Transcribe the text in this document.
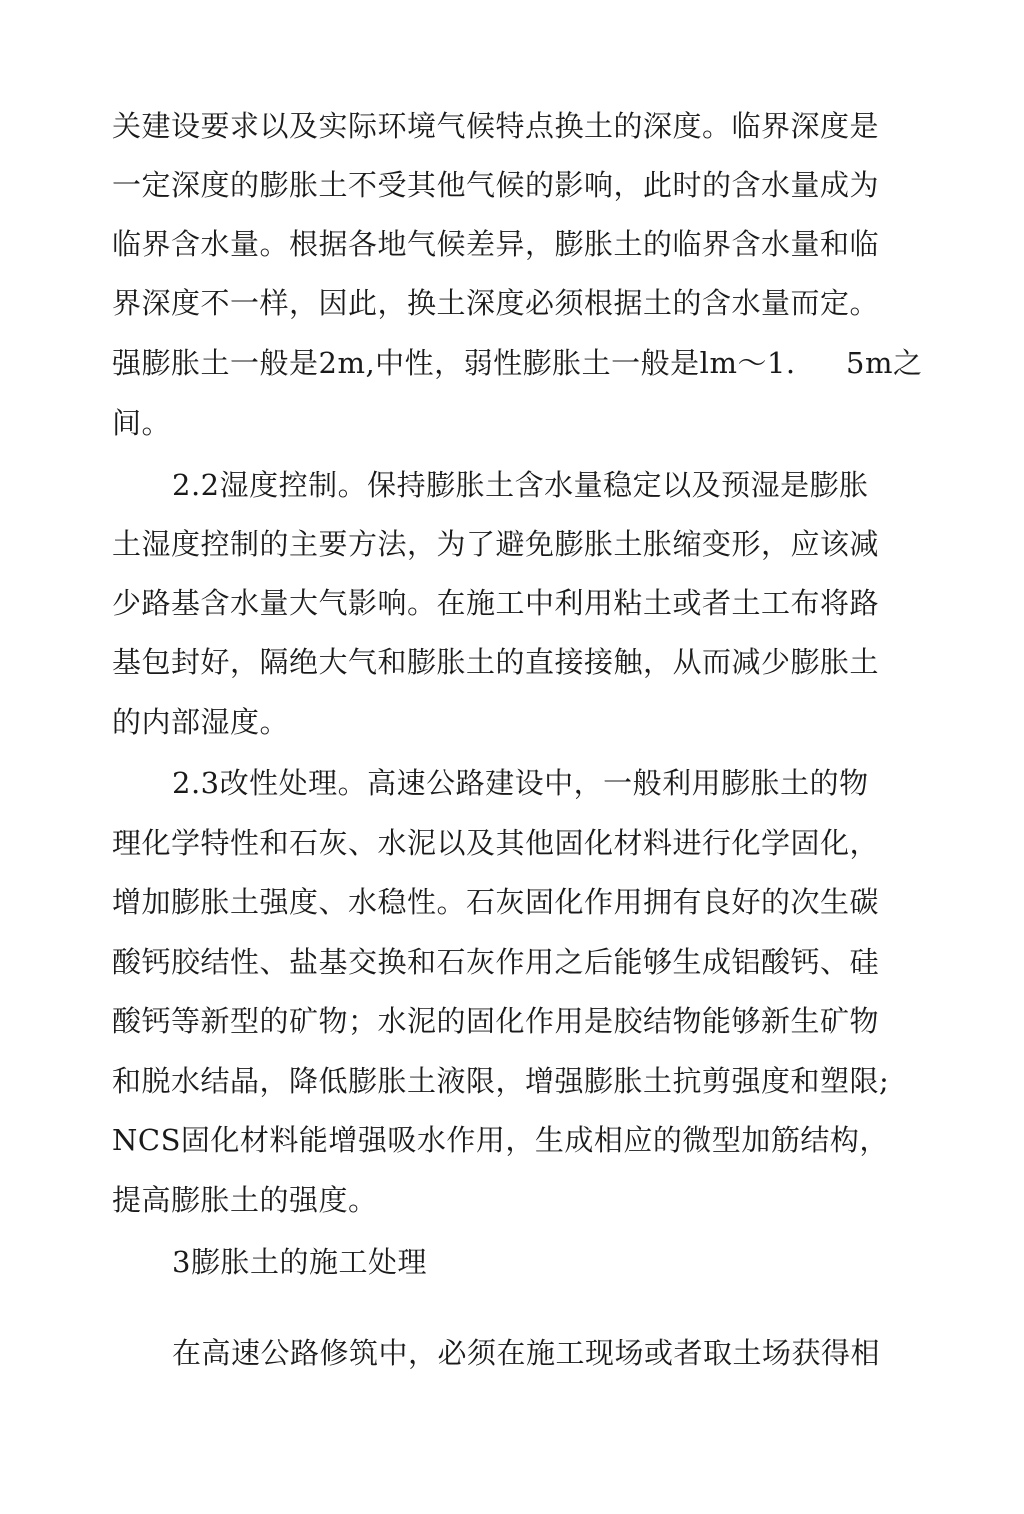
关建设要求以及实际环境气候特点换土的深度。临界深度是
一定深度的膨胀土不受其他气候的影响，此时的含水量成为
临界含水量。根据各地气候差异，膨胀土的临界含水量和临
界深度不一样，因此，换土深度必须根据土的含水量而定。
强膨胀土一般是2m,中性，弱性膨胀土一般是lm～1. 5m之
间。
2.2湿度控制。保持膨胀土含水量稳定以及预湿是膨胀
土湿度控制的主要方法，为了避免膨胀土胀缩变形，应该减
少路基含水量大气影响。在施工中利用粘土或者土工布将路
基包封好，隔绝大气和膨胀土的直接接触，从而减少膨胀土
的内部湿度。
2.3改性处理。高速公路建设中，一般利用膨胀土的物
理化学特性和石灰、水泥以及其他固化材料进行化学固化，
增加膨胀土强度、水稳性。石灰固化作用拥有良好的次生碳
酸钙胶结性、盐基交换和石灰作用之后能够生成铝酸钙、硅
酸钙等新型的矿物；水泥的固化作用是胶结物能够新生矿物
和脱水结晶，降低膨胀土液限，增强膨胀土抗剪强度和塑限;
NCS固化材料能增强吸水作用，生成相应的微型加筋结构，
提高膨胀土的强度。
3膨胀土的施工处理
在高速公路修筑中，必须在施工现场或者取土场获得相
